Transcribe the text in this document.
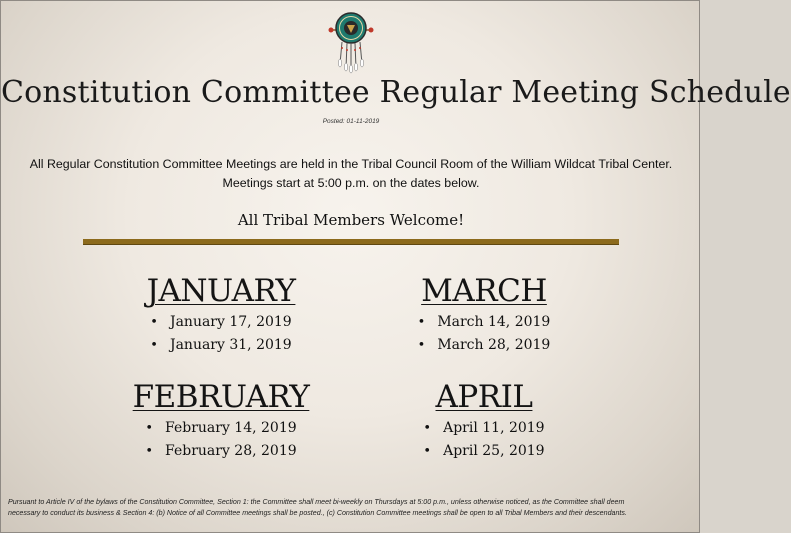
Constitution Committee Regular Meeting Schedule
Posted: 01-11-2019
All Regular Constitution Committee Meetings are held in the Tribal Council Room of the William Wildcat Tribal Center.
Meetings start at 5:00 p.m. on the dates below.
All Tribal Members Welcome!
JANUARY
• January 17, 2019
• January 31, 2019
MARCH
• March 14, 2019
• March 28, 2019
FEBRUARY
• February 14, 2019
• February 28, 2019
APRIL
• April 11, 2019
• April 25, 2019
Pursuant to Article IV of the bylaws of the Constitution Committee, Section 1: the Committee shall meet bi-weekly on Thursdays at 5:00 p.m., unless otherwise noticed, as the Committee shall deem
necessary to conduct its business & Section 4: (b) Notice of all Committee meetings shall be posted., (c) Constitution Committee meetings shall be open to all Tribal Members and their descendants.
